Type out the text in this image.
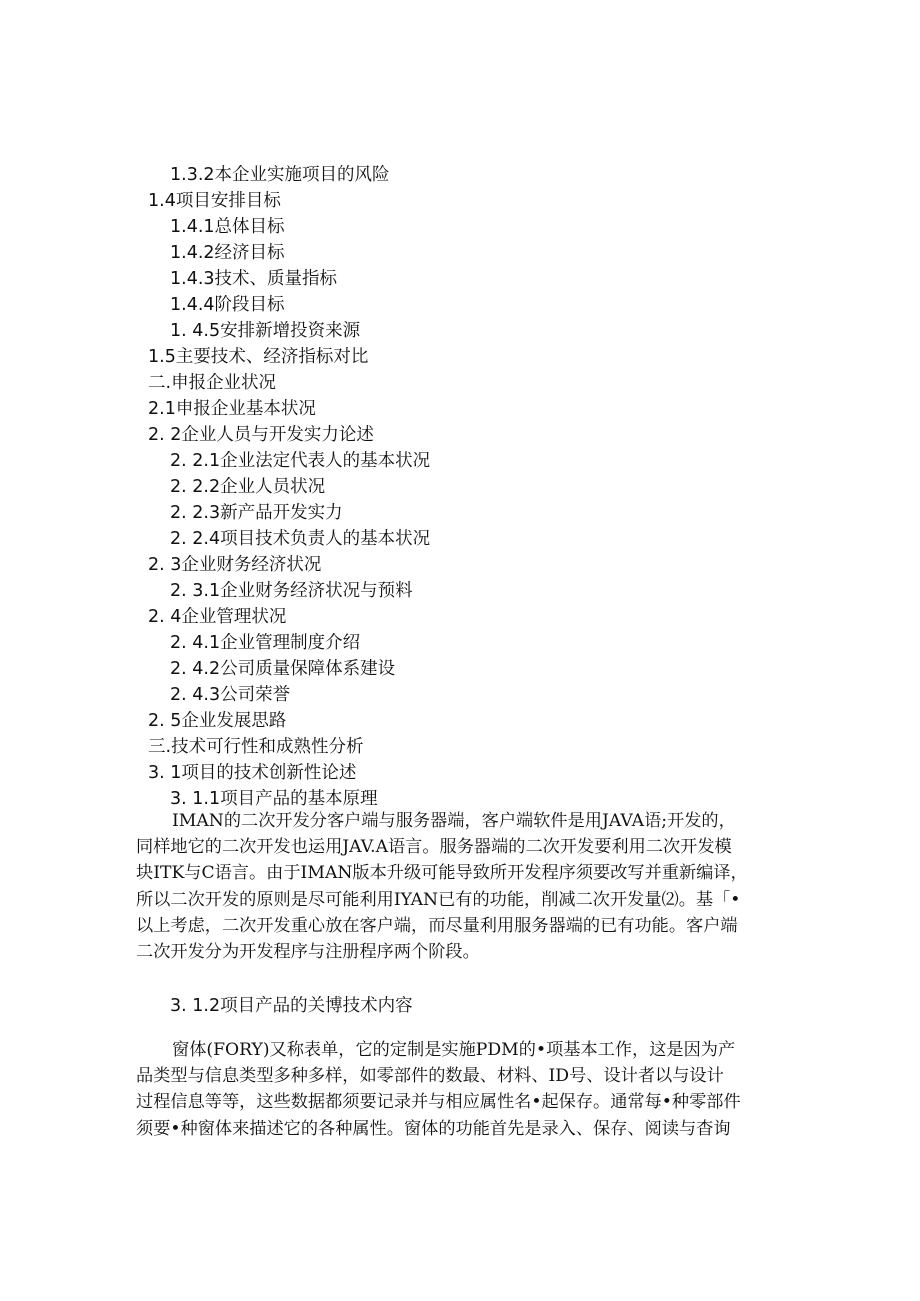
1.3.2本企业实施项目的风险
1.4项目安排目标
1.4.1总体目标
1.4.2经济目标
1.4.3技术、质量指标
1.4.4阶段目标
1. 4.5安排新增投资来源
1.5主要技术、经济指标对比
二.申报企业状况
2.1申报企业基本状况
2. 2企业人员与开发实力论述
2. 2.1企业法定代表人的基本状况
2. 2.2企业人员状况
2. 2.3新产品开发实力
2. 2.4项目技术负责人的基本状况
2. 3企业财务经济状况
2. 3.1企业财务经济状况与预料
2. 4企业管理状况
2. 4.1企业管理制度介绍
2. 4.2公司质量保障体系建设
2. 4.3公司荣誉
2. 5企业发展思路
三.技术可行性和成熟性分析
3. 1项目的技术创新性论述
3. 1.1项目产品的基本原理
IMAN的二次开发分客户端与服务器端，客户端软件是用JAVA语;开发的，
同样地它的二次开发也运用JAV.A语言。服务器端的二次开发要利用二次开发模
块ITK与C语言。由于IMAN版本升级可能导致所开发程序须要改写并重新编译，
所以二次开发的原则是尽可能利用IYAN已有的功能，削减二次开发量⑵。基「•
以上考虑，二次开发重心放在客户端，而尽量利用服务器端的已有功能。客户端
二次开发分为开发程序与注册程序两个阶段。
3. 1.2项目产品的关博技术内容
窗体(FORY)又称表单，它的定制是实施PDM的•项基本工作，这是因为产
品类型与信息类型多种多样，如零部件的数最、材料、ID号、设计者以与设计
过程信息等等，这些数据都须要记录并与相应属性名•起保存。通常每•种零部件
须要•种窗体来描述它的各种属性。窗体的功能首先是录入、保存、阅读与杳询
